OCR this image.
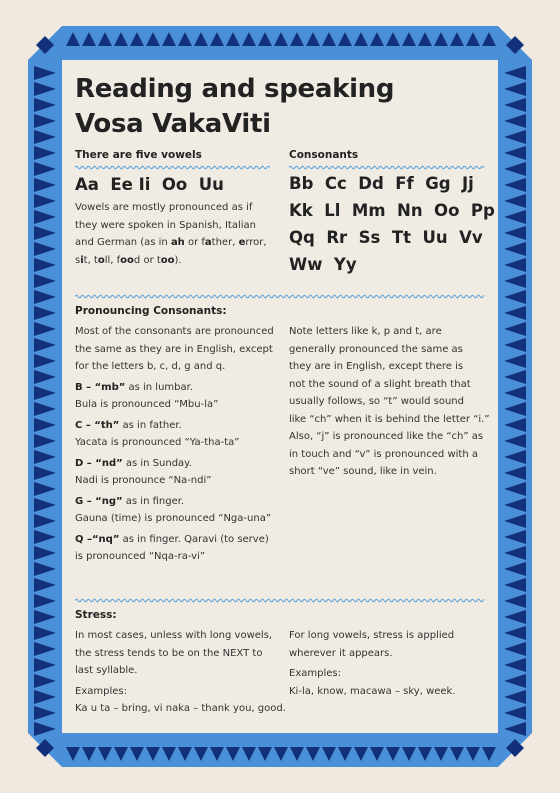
Reading and speaking
Vosa VakaViti
There are five vowels
Aa  Ee Ii  Oo  Uu
Vowels are mostly pronounced as if
they were spoken in Spanish, Italian
and German (as in ah or father, error,
sit, toll, food or too).
Consonants
Bb  Cc  Dd  Ff  Gg  Jj
Kk  Ll  Mm  Nn  Oo  Pp
Qq  Rr  Ss  Tt  Uu  Vv
Ww  Yy
Pronouncing Consonants:
Most of the consonants are pronounced
the same as they are in English, except
for the letters b, c, d, g and q.
B – “mb” as in lumbar.
Bula is pronounced “Mbu-la”
C – “th” as in father.
Yacata is pronounced “Ya-tha-ta”
D – “nd” as in Sunday.
Nadi is pronounce “Na-ndi”
G – “ng” as in finger.
Gauna (time) is pronounced “Nga-una”
Q –“nq” as in finger. Qaravi (to serve)
is pronounced “Nqa-ra-vi”
Note letters like k, p and t, are
generally pronounced the same as
they are in English, except there is
not the sound of a slight breath that
usually follows, so “t” would sound
like “ch” when it is behind the letter “i.”
Also, “j” is pronounced like the “ch” as
in touch and “v” is pronounced with a
short “ve” sound, like in vein.
Stress:
In most cases, unless with long vowels,
the stress tends to be on the NEXT to
last syllable.
Examples:
Ka u ta – bring, vi naka – thank you, good.
For long vowels, stress is applied
wherever it appears.
Examples:
Ki-la, know, macawa – sky, week.
